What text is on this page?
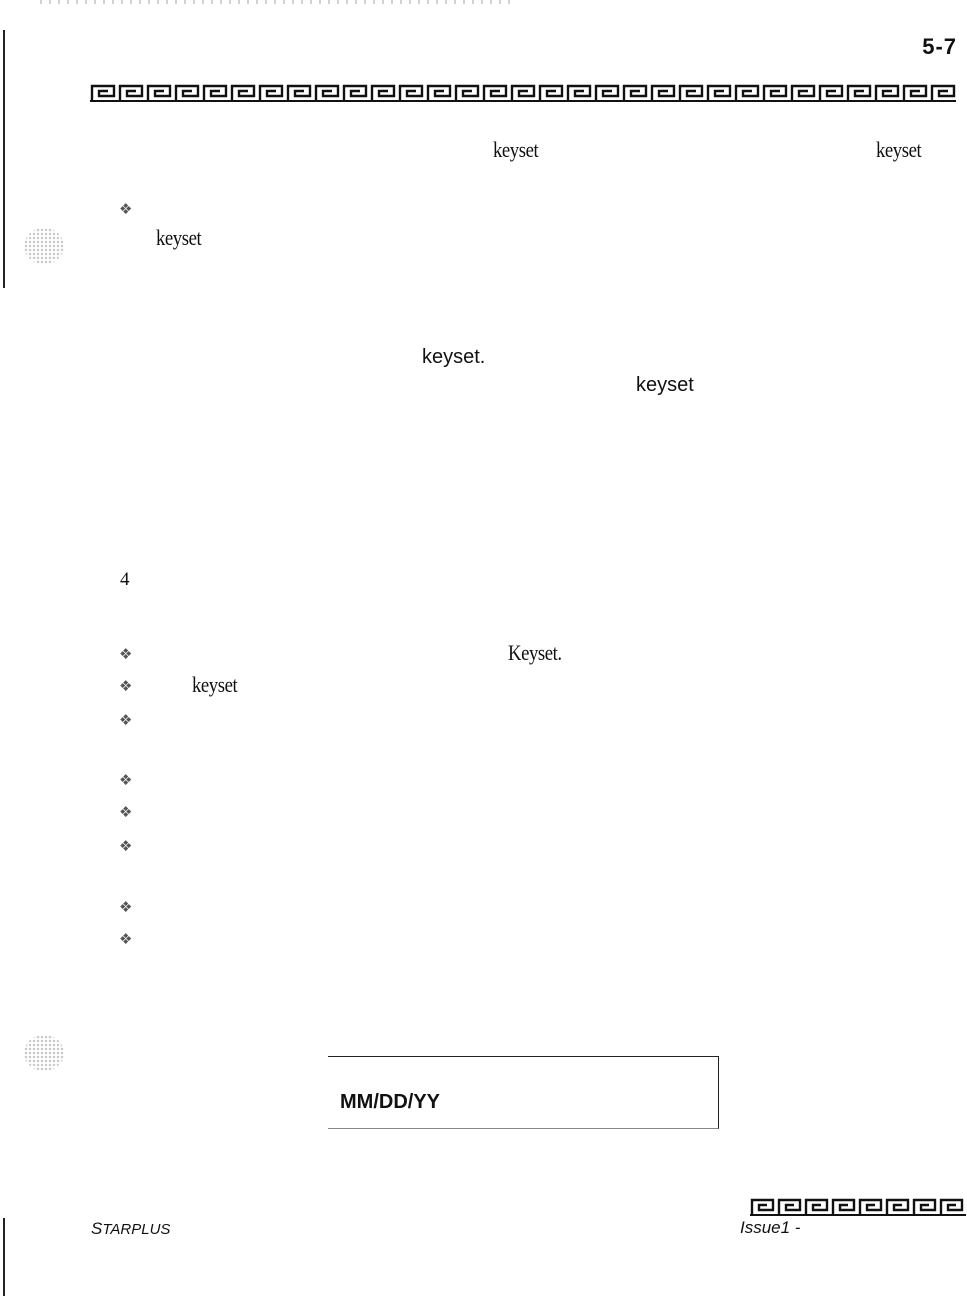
5-7
keyset	keyset
❖
keyset
keyset.
keyset
4
❖	Keyset.
❖	keyset
❖
❖
❖
❖
❖
❖
MM/DD/YY
STARPLUS	Issue1 -
